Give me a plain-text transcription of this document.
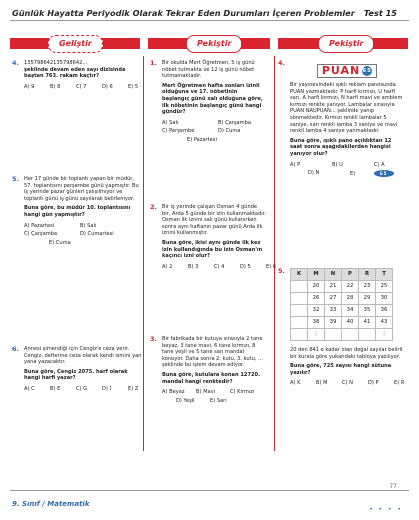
Günlük Hayatta Periyodik Olarak Tekrar Eden Durumları İçeren Problemler Test 15
Geliştir	Pekiştir	Pekiştir
4. 135798642135798642...
şeklinde devam eden sayı dizisinde baştan 763. rakam kaçtır?
A) 9	B) 8	C) 7	D) 6	E) 5
5. Her 17 günde bir toplantı yapan bir müdür, 57. toplantısını perşembe günü yapmıştır. Bu iş yerinde pazar günleri çalışılmıyor ve toplantı günü iş günü sayılarak belirleniyor.
Buna göre, bu müdür 10. toplantısını hangi gün yapmıştır?
A) Pazartesi	B) Salı
C) Çarşamba	D) Cumartesi
E) Cuma
6. Annesi şimendiği için Cengiz'e ceza verir. Cengiz, defterine ceza olarak kendi ismini yan yana yazacaktır.
Buna göre, Cengiz 2075. harf olarak hangi harfi yazar?
A) C	B) E	C) G	D) İ	E) Z
1. Bir okulda Mert Öğretmen, 5 iş günü nöbet tutmakta ve 12 iş günü nöbet tutmamaktadır.
Mert Öğretmen hafta sonları izinli olduğuna ve 17. nöbetinin başlangıç günü salı olduğuna göre, ilk nöbetinin başlangıç günü hangi gündür?
A) Salı	B) Çarşamba
C) Perşembe	D) Cuma
E) Pazartesi
2. Bir iş yerinde çalışan Osman 4 günde bir, Arda 5 günde bir izin kullanmaktadır. Osman ilk iznini salı günü kullanırken sonra aynı haftanın pazar günü Arda ilk iznini kullanmıştır.
Buna göre, ikisi aynı günde ilk kez izin kullandığında bu izin Osman'ın kaçıncı izni olur?
A) 2	B) 3	C) 4	D) 5	E) 6
3. Bir fabrikada bir kutuya sırasıyla 2 tane beyaz, 3 tane mavi, 6 tane kırmızı, 8 tane yeşil ve 5 tane sarı mandal konuyor. Daha sonra 2. kutu, 3. kutu, ... şeklinde bu işlem devam ediyor.
Buna göre, kutulara konan 12720. mandal hangi renktedir?
A) Beyaz	B) Mavi	C) Kırmızı
D) Yeşil	E) Sarı
4.
PUAN 65
Bir yayınevindeki ışıklı reklam panosunda PUAN yazmaktadır. P harfi kırmızı, U harfi sarı, A harfi kırmızı, N harfi mavi ve amblem kırmızı renkte yanıyor. Lambalar sırasıyla PUAN NAUPUAN... şeklinde yanıp sönmektedir. Kırmızı renkli lambalar 5 saniye, sarı renkli lamba 3 saniye ve mavi renkli lamba 4 saniye yanmaktadır.
Buna göre, ışıklı pano açıldıktan 12 saat sonra aşağıdakilerden hangisi yanıyor olur?
A) P	B) U	C) A
D) N	E)	65
5. K	M	N	P	R	T
	20	21	22	23	25
	26	27	28	29	30
	32	33	34	35	36
	38	39	40	41	43
	⋮				⋮
20 den 841 e kadar olan doğal sayılar belirli bir kurala göre yukarıdaki tabloya yazılıyor.
Buna göre, 725 sayısı hangi sütuna yazılır?
A) K	B) M	C) N	D) P	E) R
77
9. Sınıf / Matematik
• • • •
